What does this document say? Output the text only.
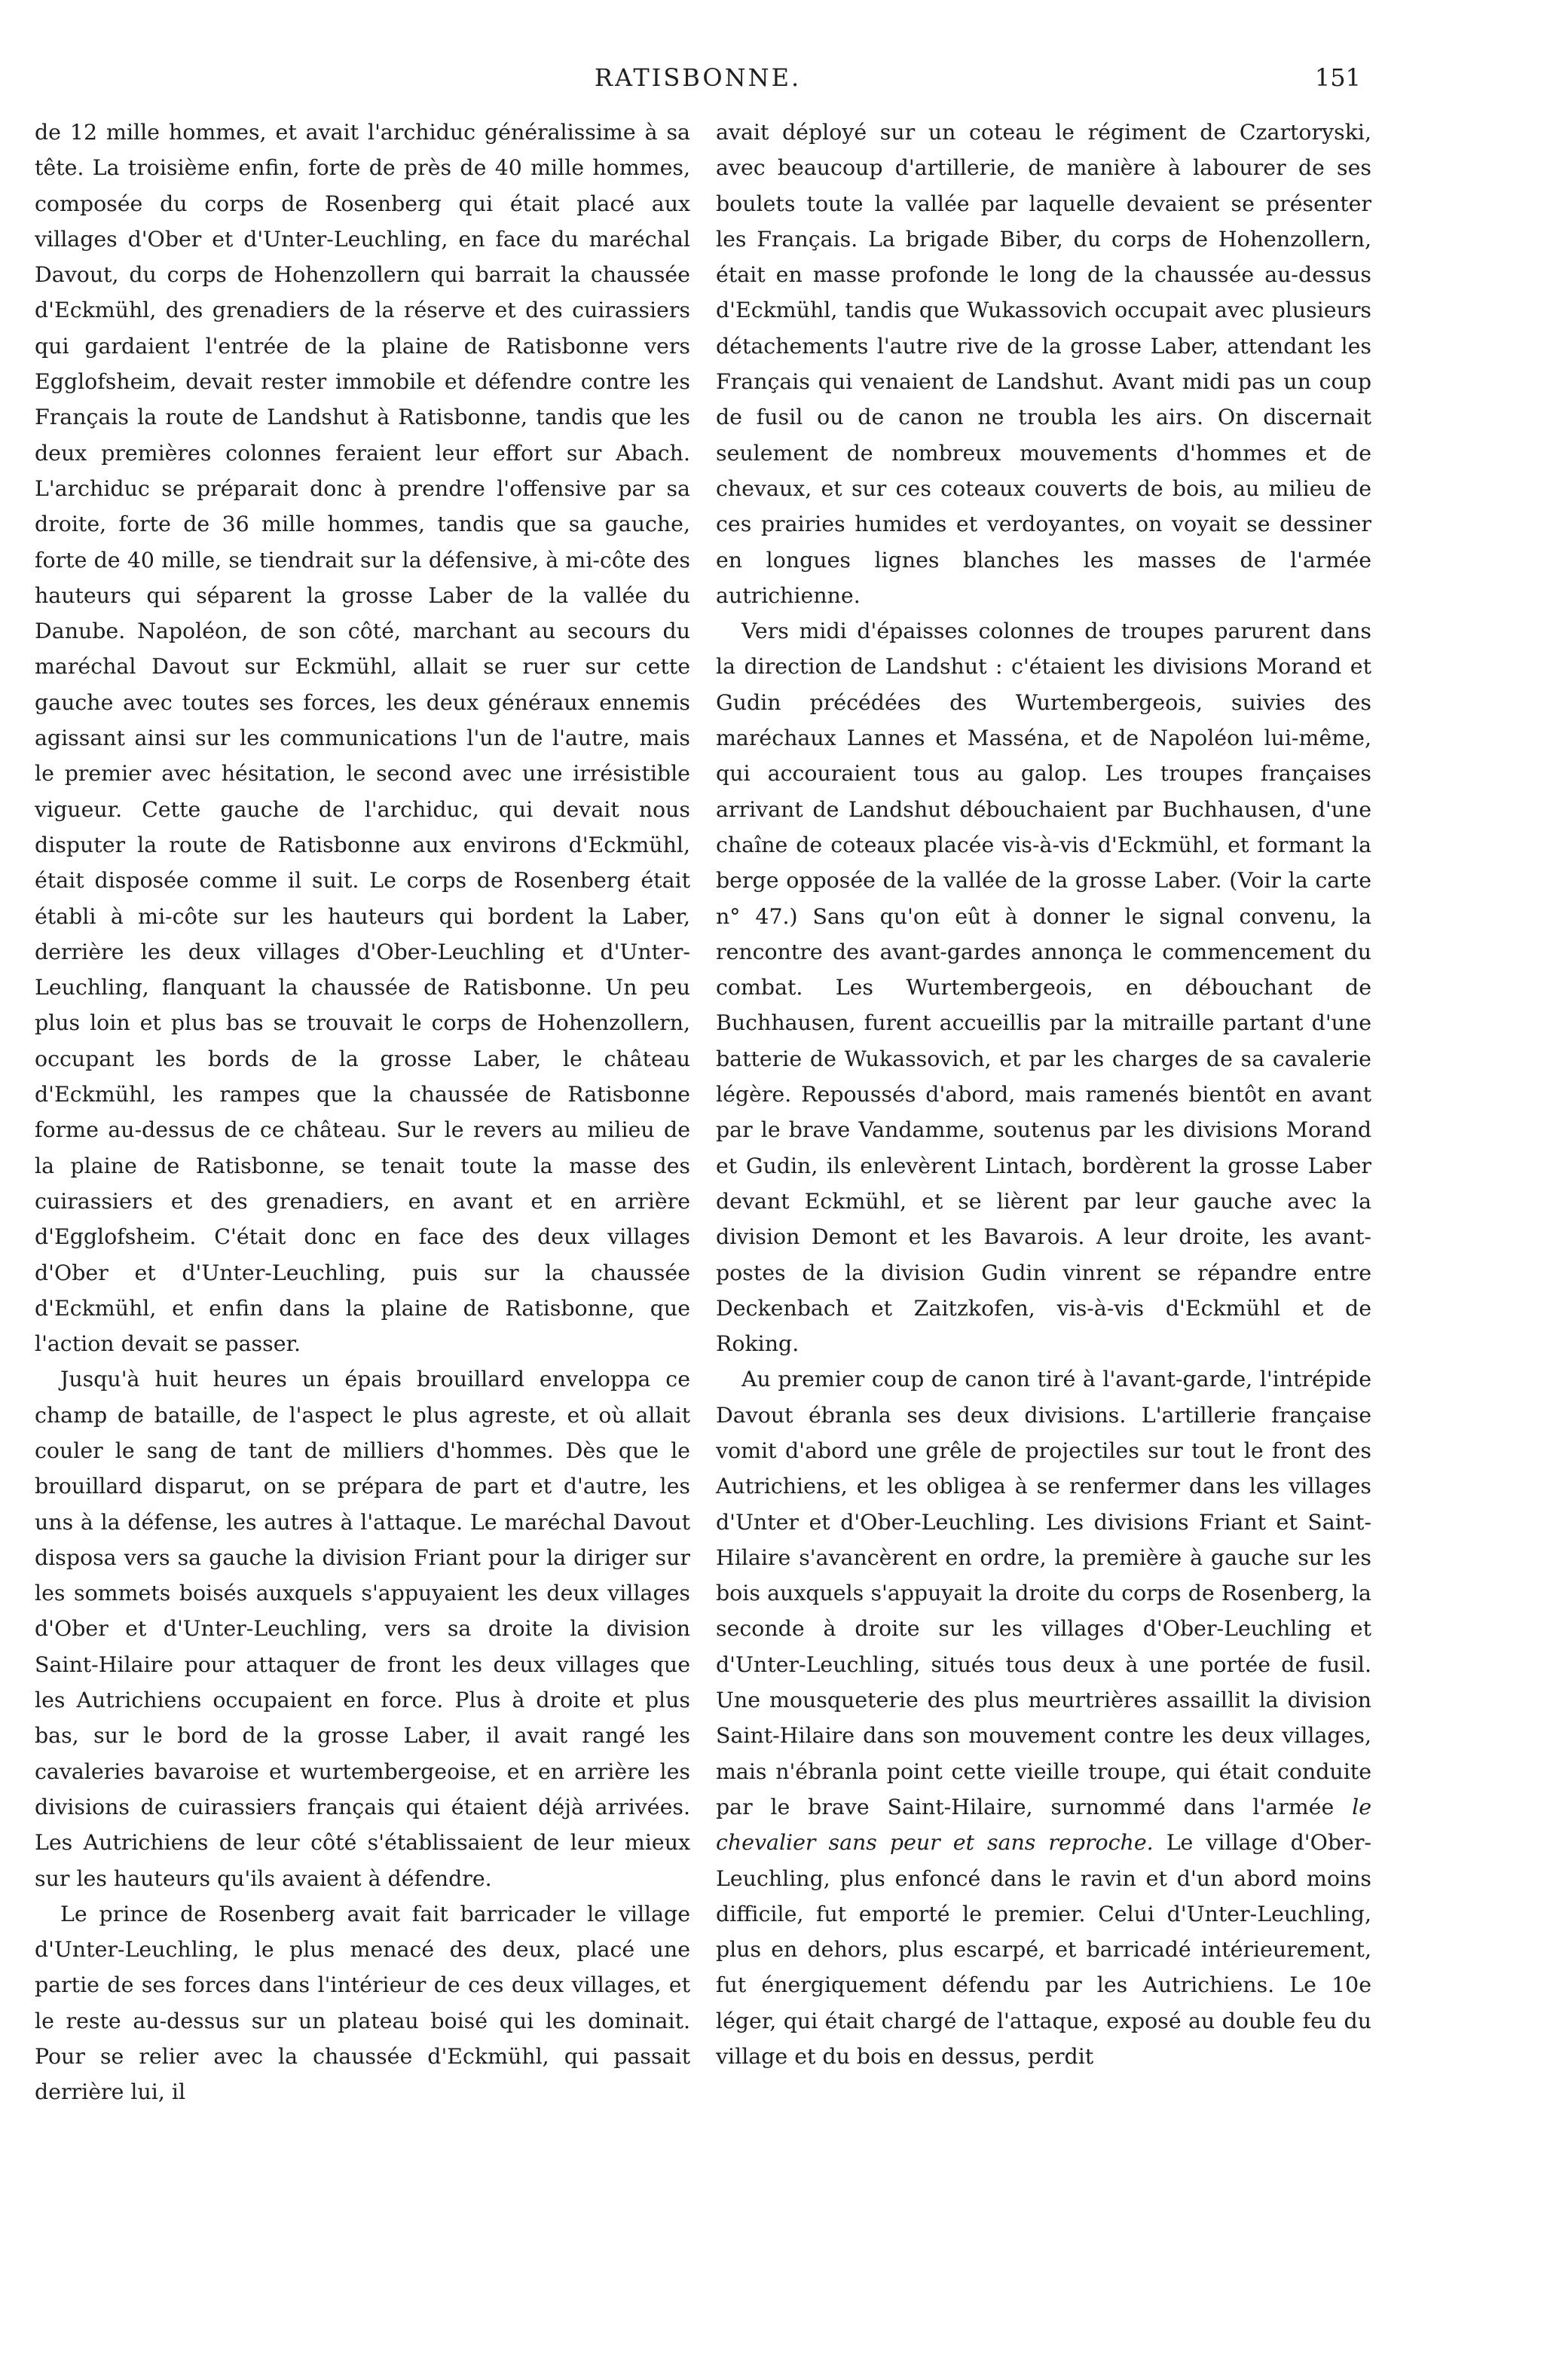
RATISBONNE.	151

de 12 mille hommes, et avait l'archiduc généralissime à sa tête. La troisième enfin, forte de près de 40 mille hommes, composée du corps de Rosenberg qui était placé aux villages d'Ober et d'Unter-Leuchling, en face du maréchal Davout, du corps de Hohenzollern qui barrait la chaussée d'Eckmühl, des grenadiers de la réserve et des cuirassiers qui gardaient l'entrée de la plaine de Ratisbonne vers Egglofsheim, devait rester immobile et défendre contre les Français la route de Landshut à Ratisbonne, tandis que les deux premières colonnes feraient leur effort sur Abach. L'archiduc se préparait donc à prendre l'offensive par sa droite, forte de 36 mille hommes, tandis que sa gauche, forte de 40 mille, se tiendrait sur la défensive, à mi-côte des hauteurs qui séparent la grosse Laber de la vallée du Danube. Napoléon, de son côté, marchant au secours du maréchal Davout sur Eckmühl, allait se ruer sur cette gauche avec toutes ses forces, les deux généraux ennemis agissant ainsi sur les communications l'un de l'autre, mais le premier avec hésitation, le second avec une irrésistible vigueur. Cette gauche de l'archiduc, qui devait nous disputer la route de Ratisbonne aux environs d'Eckmühl, était disposée comme il suit. Le corps de Rosenberg était établi à mi-côte sur les hauteurs qui bordent la Laber, derrière les deux villages d'Ober-Leuchling et d'Unter-Leuchling, flanquant la chaussée de Ratisbonne. Un peu plus loin et plus bas se trouvait le corps de Hohenzollern, occupant les bords de la grosse Laber, le château d'Eckmühl, les rampes que la chaussée de Ratisbonne forme au-dessus de ce château. Sur le revers au milieu de la plaine de Ratisbonne, se tenait toute la masse des cuirassiers et des grenadiers, en avant et en arrière d'Egglofsheim. C'était donc en face des deux villages d'Ober et d'Unter-Leuchling, puis sur la chaussée d'Eckmühl, et enfin dans la plaine de Ratisbonne, que l'action devait se passer.

Jusqu'à huit heures un épais brouillard enveloppa ce champ de bataille, de l'aspect le plus agreste, et où allait couler le sang de tant de milliers d'hommes. Dès que le brouillard disparut, on se prépara de part et d'autre, les uns à la défense, les autres à l'attaque. Le maréchal Davout disposa vers sa gauche la division Friant pour la diriger sur les sommets boisés auxquels s'appuyaient les deux villages d'Ober et d'Unter-Leuchling, vers sa droite la division Saint-Hilaire pour attaquer de front les deux villages que les Autrichiens occupaient en force. Plus à droite et plus bas, sur le bord de la grosse Laber, il avait rangé les cavaleries bavaroise et wurtembergeoise, et en arrière les divisions de cuirassiers français qui étaient déjà arrivées. Les Autrichiens de leur côté s'établissaient de leur mieux sur les hauteurs qu'ils avaient à défendre.

Le prince de Rosenberg avait fait barricader le village d'Unter-Leuchling, le plus menacé des deux, placé une partie de ses forces dans l'intérieur de ces deux villages, et le reste au-dessus sur un plateau boisé qui les dominait. Pour se relier avec la chaussée d'Eckmühl, qui passait derrière lui, il

avait déployé sur un coteau le régiment de Czartoryski, avec beaucoup d'artillerie, de manière à labourer de ses boulets toute la vallée par laquelle devaient se présenter les Français. La brigade Biber, du corps de Hohenzollern, était en masse profonde le long de la chaussée au-dessus d'Eckmühl, tandis que Wukassovich occupait avec plusieurs détachements l'autre rive de la grosse Laber, attendant les Français qui venaient de Landshut. Avant midi pas un coup de fusil ou de canon ne troubla les airs. On discernait seulement de nombreux mouvements d'hommes et de chevaux, et sur ces coteaux couverts de bois, au milieu de ces prairies humides et verdoyantes, on voyait se dessiner en longues lignes blanches les masses de l'armée autrichienne.

Vers midi d'épaisses colonnes de troupes parurent dans la direction de Landshut : c'étaient les divisions Morand et Gudin précédées des Wurtembergeois, suivies des maréchaux Lannes et Masséna, et de Napoléon lui-même, qui accouraient tous au galop. Les troupes françaises arrivant de Landshut débouchaient par Buchhausen, d'une chaîne de coteaux placée vis-à-vis d'Eckmühl, et formant la berge opposée de la vallée de la grosse Laber. (Voir la carte n° 47.) Sans qu'on eût à donner le signal convenu, la rencontre des avant-gardes annonça le commencement du combat. Les Wurtembergeois, en débouchant de Buchhausen, furent accueillis par la mitraille partant d'une batterie de Wukassovich, et par les charges de sa cavalerie légère. Repoussés d'abord, mais ramenés bientôt en avant par le brave Vandamme, soutenus par les divisions Morand et Gudin, ils enlevèrent Lintach, bordèrent la grosse Laber devant Eckmühl, et se lièrent par leur gauche avec la division Demont et les Bavarois. A leur droite, les avant-postes de la division Gudin vinrent se répandre entre Deckenbach et Zaitzkofen, vis-à-vis d'Eckmühl et de Roking.

Au premier coup de canon tiré à l'avant-garde, l'intrépide Davout ébranla ses deux divisions. L'artillerie française vomit d'abord une grêle de projectiles sur tout le front des Autrichiens, et les obligea à se renfermer dans les villages d'Unter et d'Ober-Leuchling. Les divisions Friant et Saint-Hilaire s'avancèrent en ordre, la première à gauche sur les bois auxquels s'appuyait la droite du corps de Rosenberg, la seconde à droite sur les villages d'Ober-Leuchling et d'Unter-Leuchling, situés tous deux à une portée de fusil. Une mousqueterie des plus meurtrières assaillit la division Saint-Hilaire dans son mouvement contre les deux villages, mais n'ébranla point cette vieille troupe, qui était conduite par le brave Saint-Hilaire, surnommé dans l'armée le chevalier sans peur et sans reproche. Le village d'Ober-Leuchling, plus enfoncé dans le ravin et d'un abord moins difficile, fut emporté le premier. Celui d'Unter-Leuchling, plus en dehors, plus escarpé, et barricadé intérieurement, fut énergiquement défendu par les Autrichiens. Le 10e léger, qui était chargé de l'attaque, exposé au double feu du village et du bois en dessus, perdit
